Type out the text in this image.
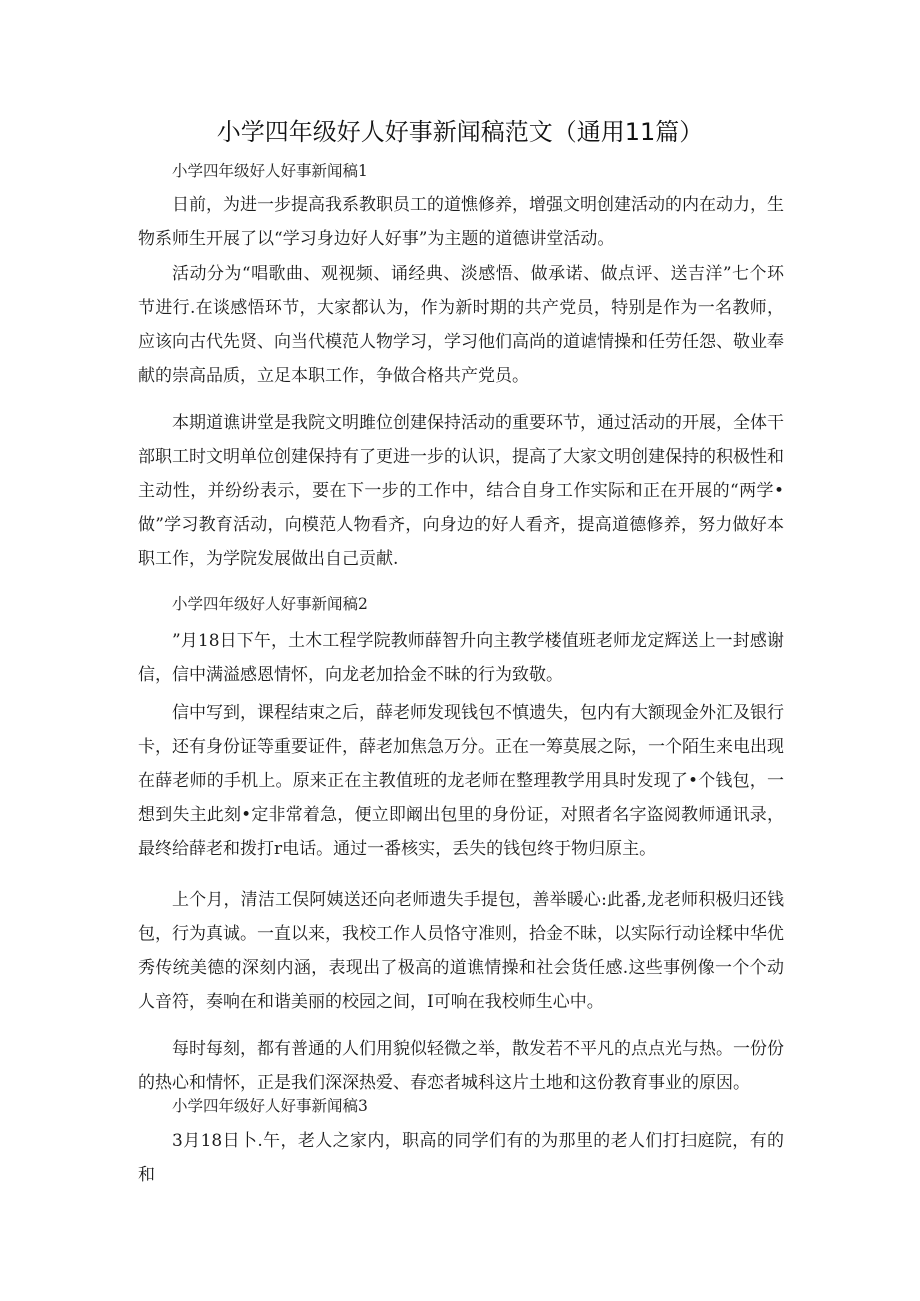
小学四年级好人好事新闻稿范文（通用11篇）

小学四年级好人好事新闻稿1

日前，为进一步提高我系教职员工的道憔修养，增强文明创建活动的内在动力，生物系师生开展了以“学习身边好人好事”为主题的道德讲堂活动。

活动分为“唱歌曲、观视频、诵经典、淡感悟、做承诺、做点评、送吉洋”七个环节进行.在谈感悟环节，大家都认为，作为新时期的共产党员，特别是作为一名教师，应该向古代先贤、向当代模范人物学习，学习他们高尚的道谑情操和任劳任怨、敬业奉献的崇高品质，立足本职工作，争做合格共产党员。

本期道谯讲堂是我院文明雎位创建保持活动的重要环节，通过活动的开展，全体干部职工时文明单位创建保持有了更进一步的认识，提高了大家文明创建保持的积极性和主动性，并纷纷表示，要在下一步的工作中，结合自身工作实际和正在开展的“两学•做”学习教育活动，向模范人物看齐，向身边的好人看齐，提高道德修养，努力做好本职工作，为学院发展做出自己贡献.

小学四年级好人好事新闻稿2

”月18日下午，土木工程学院教师薛智升向主教学楼值班老师龙定辉送上一封感谢信，信中满溢感恩情怀，向龙老加拾金不昧的行为致敬。

信中写到，课程结束之后，薛老师发现钱包不慎遗失，包内有大额现金外汇及银行卡，还有身份证等重要证件，薛老加焦急万分。正在一筹莫展之际，一个陌生来电出现在薛老师的手机上。原来正在主教值班的龙老师在整理教学用具时发现了•个钱包，一想到失主此刻•定非常着急，便立即阚出包里的身份证，对照者名字盗阅教师通讯录，最终给薛老和拨打r电话。通过一番核实，丢失的钱包终于物归原主。

上个月，清洁工俣阿姨送还向老师遗失手提包，善举暖心:此番,龙老师积极归还钱包，行为真诚。一直以来，我校工作人员恪守准则，拾金不昧，以实际行动诠糅中华优秀传统美德的深刻内涵，表现出了极高的道谯情操和社会货任感.这些事例像一个个动人音符，奏响在和谐美丽的校园之间，I可响在我校师生心中。

每时每刻，都有普通的人们用貌似轻微之举，散发若不平凡的点点光与热。一份份的热心和情怀，正是我们深深热爱、春恋者城科这片土地和这份教育事业的原因。

小学四年级好人好事新闻稿3

3月18日卜.午，老人之家内，职高的同学们有的为那里的老人们打扫庭院，有的和
